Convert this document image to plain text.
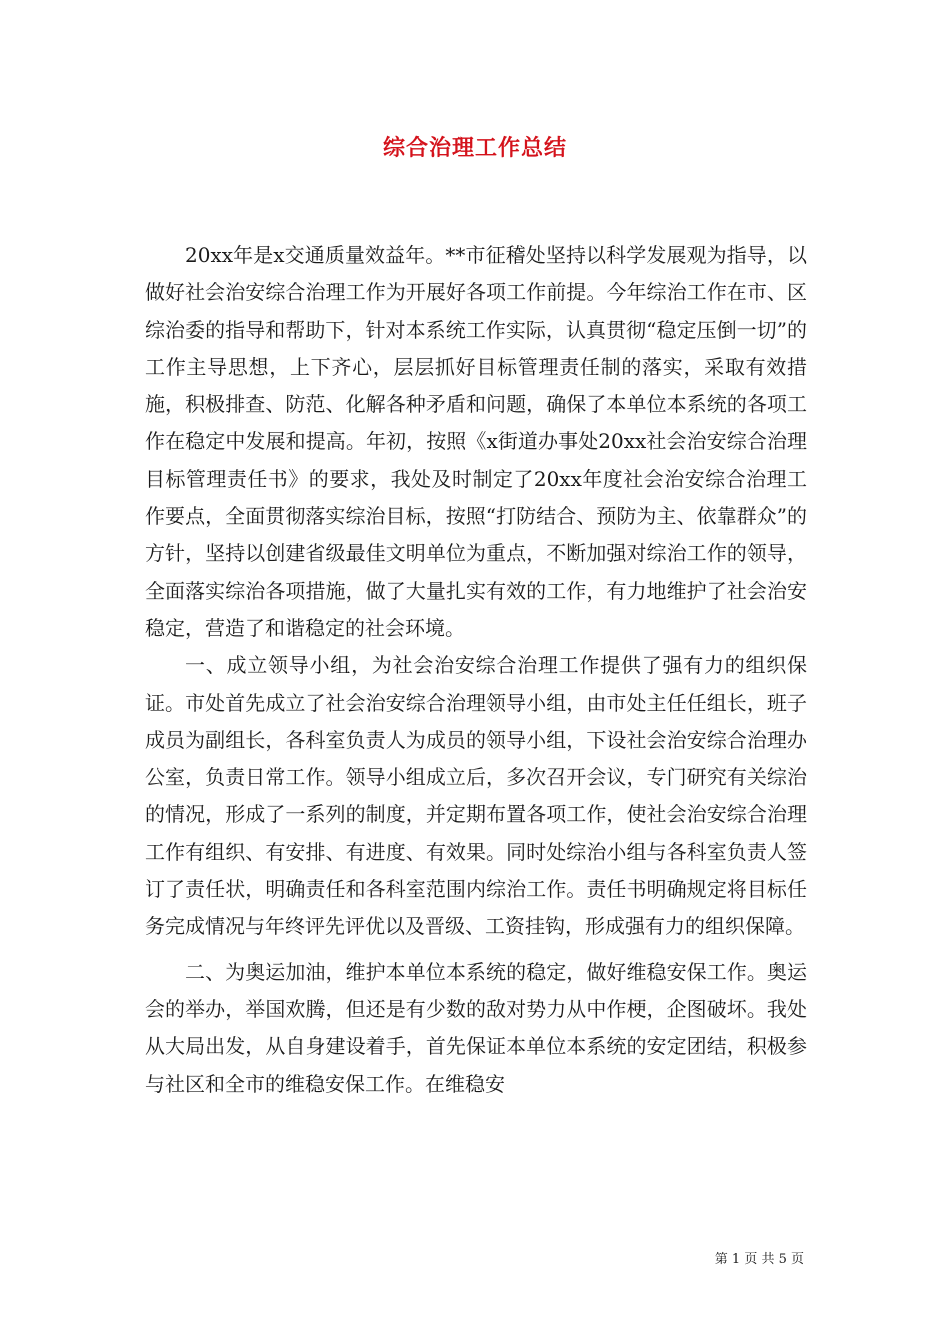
综合治理工作总结

20xx年是x交通质量效益年。**市征稽处坚持以科学发展观为指导，以做好社会治安综合治理工作为开展好各项工作前提。今年综治工作在市、区综治委的指导和帮助下，针对本系统工作实际，认真贯彻“稳定压倒一切”的工作主导思想，上下齐心，层层抓好目标管理责任制的落实，采取有效措施，积极排查、防范、化解各种矛盾和问题，确保了本单位本系统的各项工作在稳定中发展和提高。年初，按照《x街道办事处20xx社会治安综合治理目标管理责任书》的要求，我处及时制定了20xx年度社会治安综合治理工作要点，全面贯彻落实综治目标，按照“打防结合、预防为主、依靠群众”的方针，坚持以创建省级最佳文明单位为重点，不断加强对综治工作的领导，全面落实综治各项措施，做了大量扎实有效的工作，有力地维护了社会治安稳定，营造了和谐稳定的社会环境。

一、成立领导小组，为社会治安综合治理工作提供了强有力的组织保证。市处首先成立了社会治安综合治理领导小组，由市处主任任组长，班子成员为副组长，各科室负责人为成员的领导小组，下设社会治安综合治理办公室，负责日常工作。领导小组成立后，多次召开会议，专门研究有关综治的情况，形成了一系列的制度，并定期布置各项工作，使社会治安综合治理工作有组织、有安排、有进度、有效果。同时处综治小组与各科室负责人签订了责任状，明确责任和各科室范围内综治工作。责任书明确规定将目标任务完成情况与年终评先评优以及晋级、工资挂钩，形成强有力的组织保障。

二、为奥运加油，维护本单位本系统的稳定，做好维稳安保工作。奥运会的举办，举国欢腾，但还是有少数的敌对势力从中作梗，企图破坏。我处从大局出发，从自身建设着手，首先保证本单位本系统的安定团结，积极参与社区和全市的维稳安保工作。在维稳安

第 1 页 共 5 页
